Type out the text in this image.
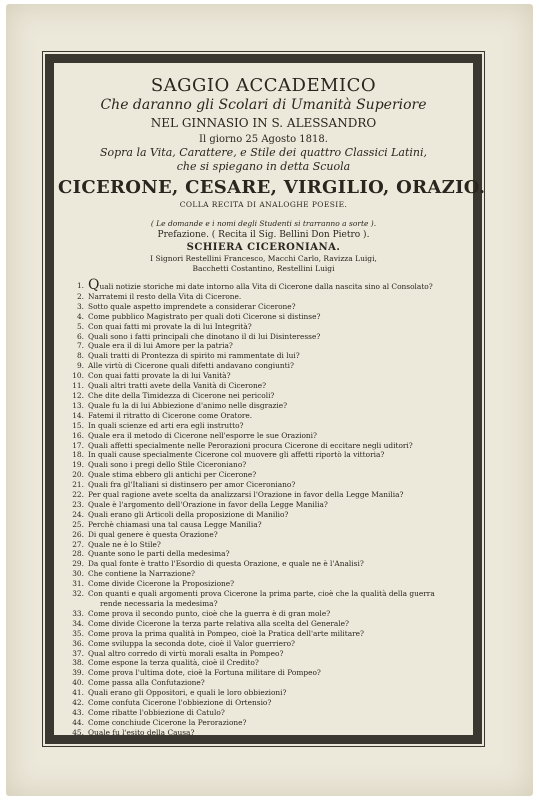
SAGGIO ACCADEMICO
Che daranno gli Scolari di Umanità Superiore
NEL GINNASIO IN S. ALESSANDRO
Il giorno 25 Agosto 1818.
Sopra la Vita, Carattere, e Stile dei quattro Classici Latini,
che si spiegano in detta Scuola
CICERONE, CESARE, VIRGILIO, ORAZIO.
COLLA RECITA DI ANALOGHE POESIE.
( Le domande e i nomi degli Studenti si trarranno a sorte ).
Prefazione. ( Recita il Sig. Bellini Don Pietro ).
SCHIERA CICERONIANA.
I Signori Restellini Francesco, Macchi Carlo, Ravizza Luigi,
Bacchetti Costantino, Restellini Luigi
1. Quali notizie storiche mi date intorno alla Vita di Cicerone dalla nascita sino al Consolato?
2. Narratemi il resto della Vita di Cicerone.
3. Sotto quale aspetto imprendete a considerar Cicerone?
4. Come pubblico Magistrato per quali doti Cicerone si distinse?
5. Con quai fatti mi provate la di lui Integrità?
6. Quali sono i fatti principali che dinotano il di lui Disinteresse?
7. Quale era il di lui Amore per la patria?
8. Quali tratti di Prontezza di spirito mi rammentate di lui?
9. Alle virtù di Cicerone quali difetti andavano congiunti?
10. Con quai fatti provate la di lui Vanità?
11. Quali altri tratti avete della Vanità di Cicerone?
12. Che dite della Timidezza di Cicerone nei pericoli?
13. Quale fu la di lui Abbiezione d'animo nelle disgrazie?
14. Fatemi il ritratto di Cicerone come Oratore.
15. In quali scienze ed arti era egli instrutto?
16. Quale era il metodo di Cicerone nell'esporre le sue Orazioni?
17. Quali affetti specialmente nelle Perorazioni procura Cicerone di eccitare negli uditori?
18. In quali cause specialmente Cicerone col muovere gli affetti riportò la vittoria?
19. Quali sono i pregi dello Stile Ciceroniano?
20. Quale stima ebbero gli antichi per Cicerone?
21. Quali fra gl'Italiani si distinsero per amor Ciceroniano?
22. Per qual ragione avete scelta da analizzarsi l'Orazione in favor della Legge Manilia?
23. Quale è l'argomento dell'Orazione in favor della Legge Manilia?
24. Quali erano gli Articoli della proposizione di Manilio?
25. Perchè chiamasi una tal causa Legge Manilia?
26. Di qual genere è questa Orazione?
27. Quale ne è lo Stile?
28. Quante sono le parti della medesima?
29. Da qual fonte è tratto l'Esordio di questa Orazione, e quale ne è l'Analisi?
30. Che contiene la Narrazione?
31. Come divide Cicerone la Proposizione?
32. Con quanti e quali argomenti prova Cicerone la prima parte, cioè che la qualità della guerra
rende necessaria la medesima?
33. Come prova il secondo punto, cioè che la guerra è di gran mole?
34. Come divide Cicerone la terza parte relativa alla scelta del Generale?
35. Come prova la prima qualità in Pompeo, cioè la Pratica dell'arte militare?
36. Come sviluppa la seconda dote, cioè il Valor guerriero?
37. Qual altro corredo di virtù morali esalta in Pompeo?
38. Come espone la terza qualità, cioè il Credito?
39. Come prova l'ultima dote, cioè la Fortuna militare di Pompeo?
40. Come passa alla Confutazione?
41. Quali erano gli Oppositori, e quali le loro obbiezioni?
42. Come confuta Cicerone l'obbiezione di Ortensio?
43. Come ribatte l'obbiezione di Catulo?
44. Come conchiude Cicerone la Perorazione?
45. Quale fu l'esito della Causa?
